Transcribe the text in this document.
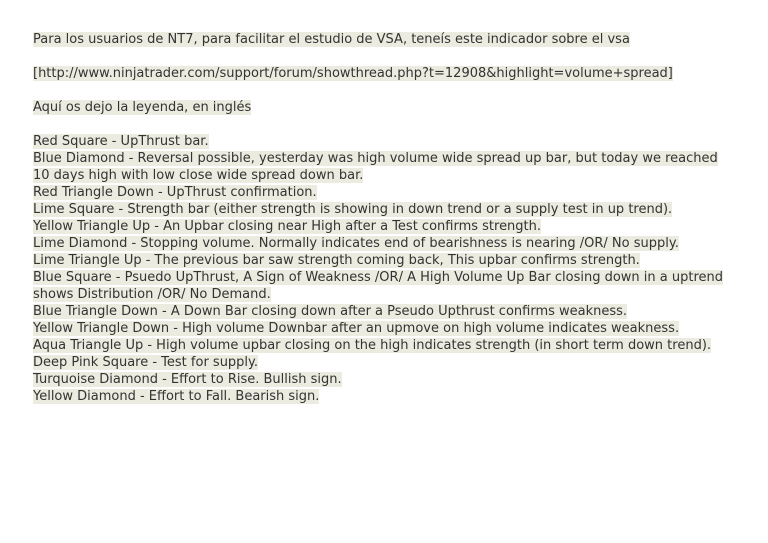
Para los usuarios de NT7, para facilitar el estudio de VSA, teneís este indicador sobre el vsa

[http://www.ninjatrader.com/support/forum/showthread.php?t=12908&highlight=volume+spread]

Aquí os dejo la leyenda, en inglés

Red Square - UpThrust bar.
Blue Diamond - Reversal possible, yesterday was high volume wide spread up bar, but today we reached 10 days high with low close wide spread down bar.
Red Triangle Down - UpThrust confirmation.
Lime Square - Strength bar (either strength is showing in down trend or a supply test in up trend).
Yellow Triangle Up - An Upbar closing near High after a Test confirms strength.
Lime Diamond - Stopping volume. Normally indicates end of bearishness is nearing /OR/ No supply.
Lime Triangle Up - The previous bar saw strength coming back, This upbar confirms strength.
Blue Square - Psuedo UpThrust, A Sign of Weakness /OR/ A High Volume Up Bar closing down in a uptrend shows Distribution /OR/ No Demand.
Blue Triangle Down - A Down Bar closing down after a Pseudo Upthrust confirms weakness.
Yellow Triangle Down - High volume Downbar after an upmove on high volume indicates weakness.
Aqua Triangle Up - High volume upbar closing on the high indicates strength (in short term down trend).
Deep Pink Square - Test for supply.
Turquoise Diamond - Effort to Rise. Bullish sign.
Yellow Diamond - Effort to Fall. Bearish sign.
